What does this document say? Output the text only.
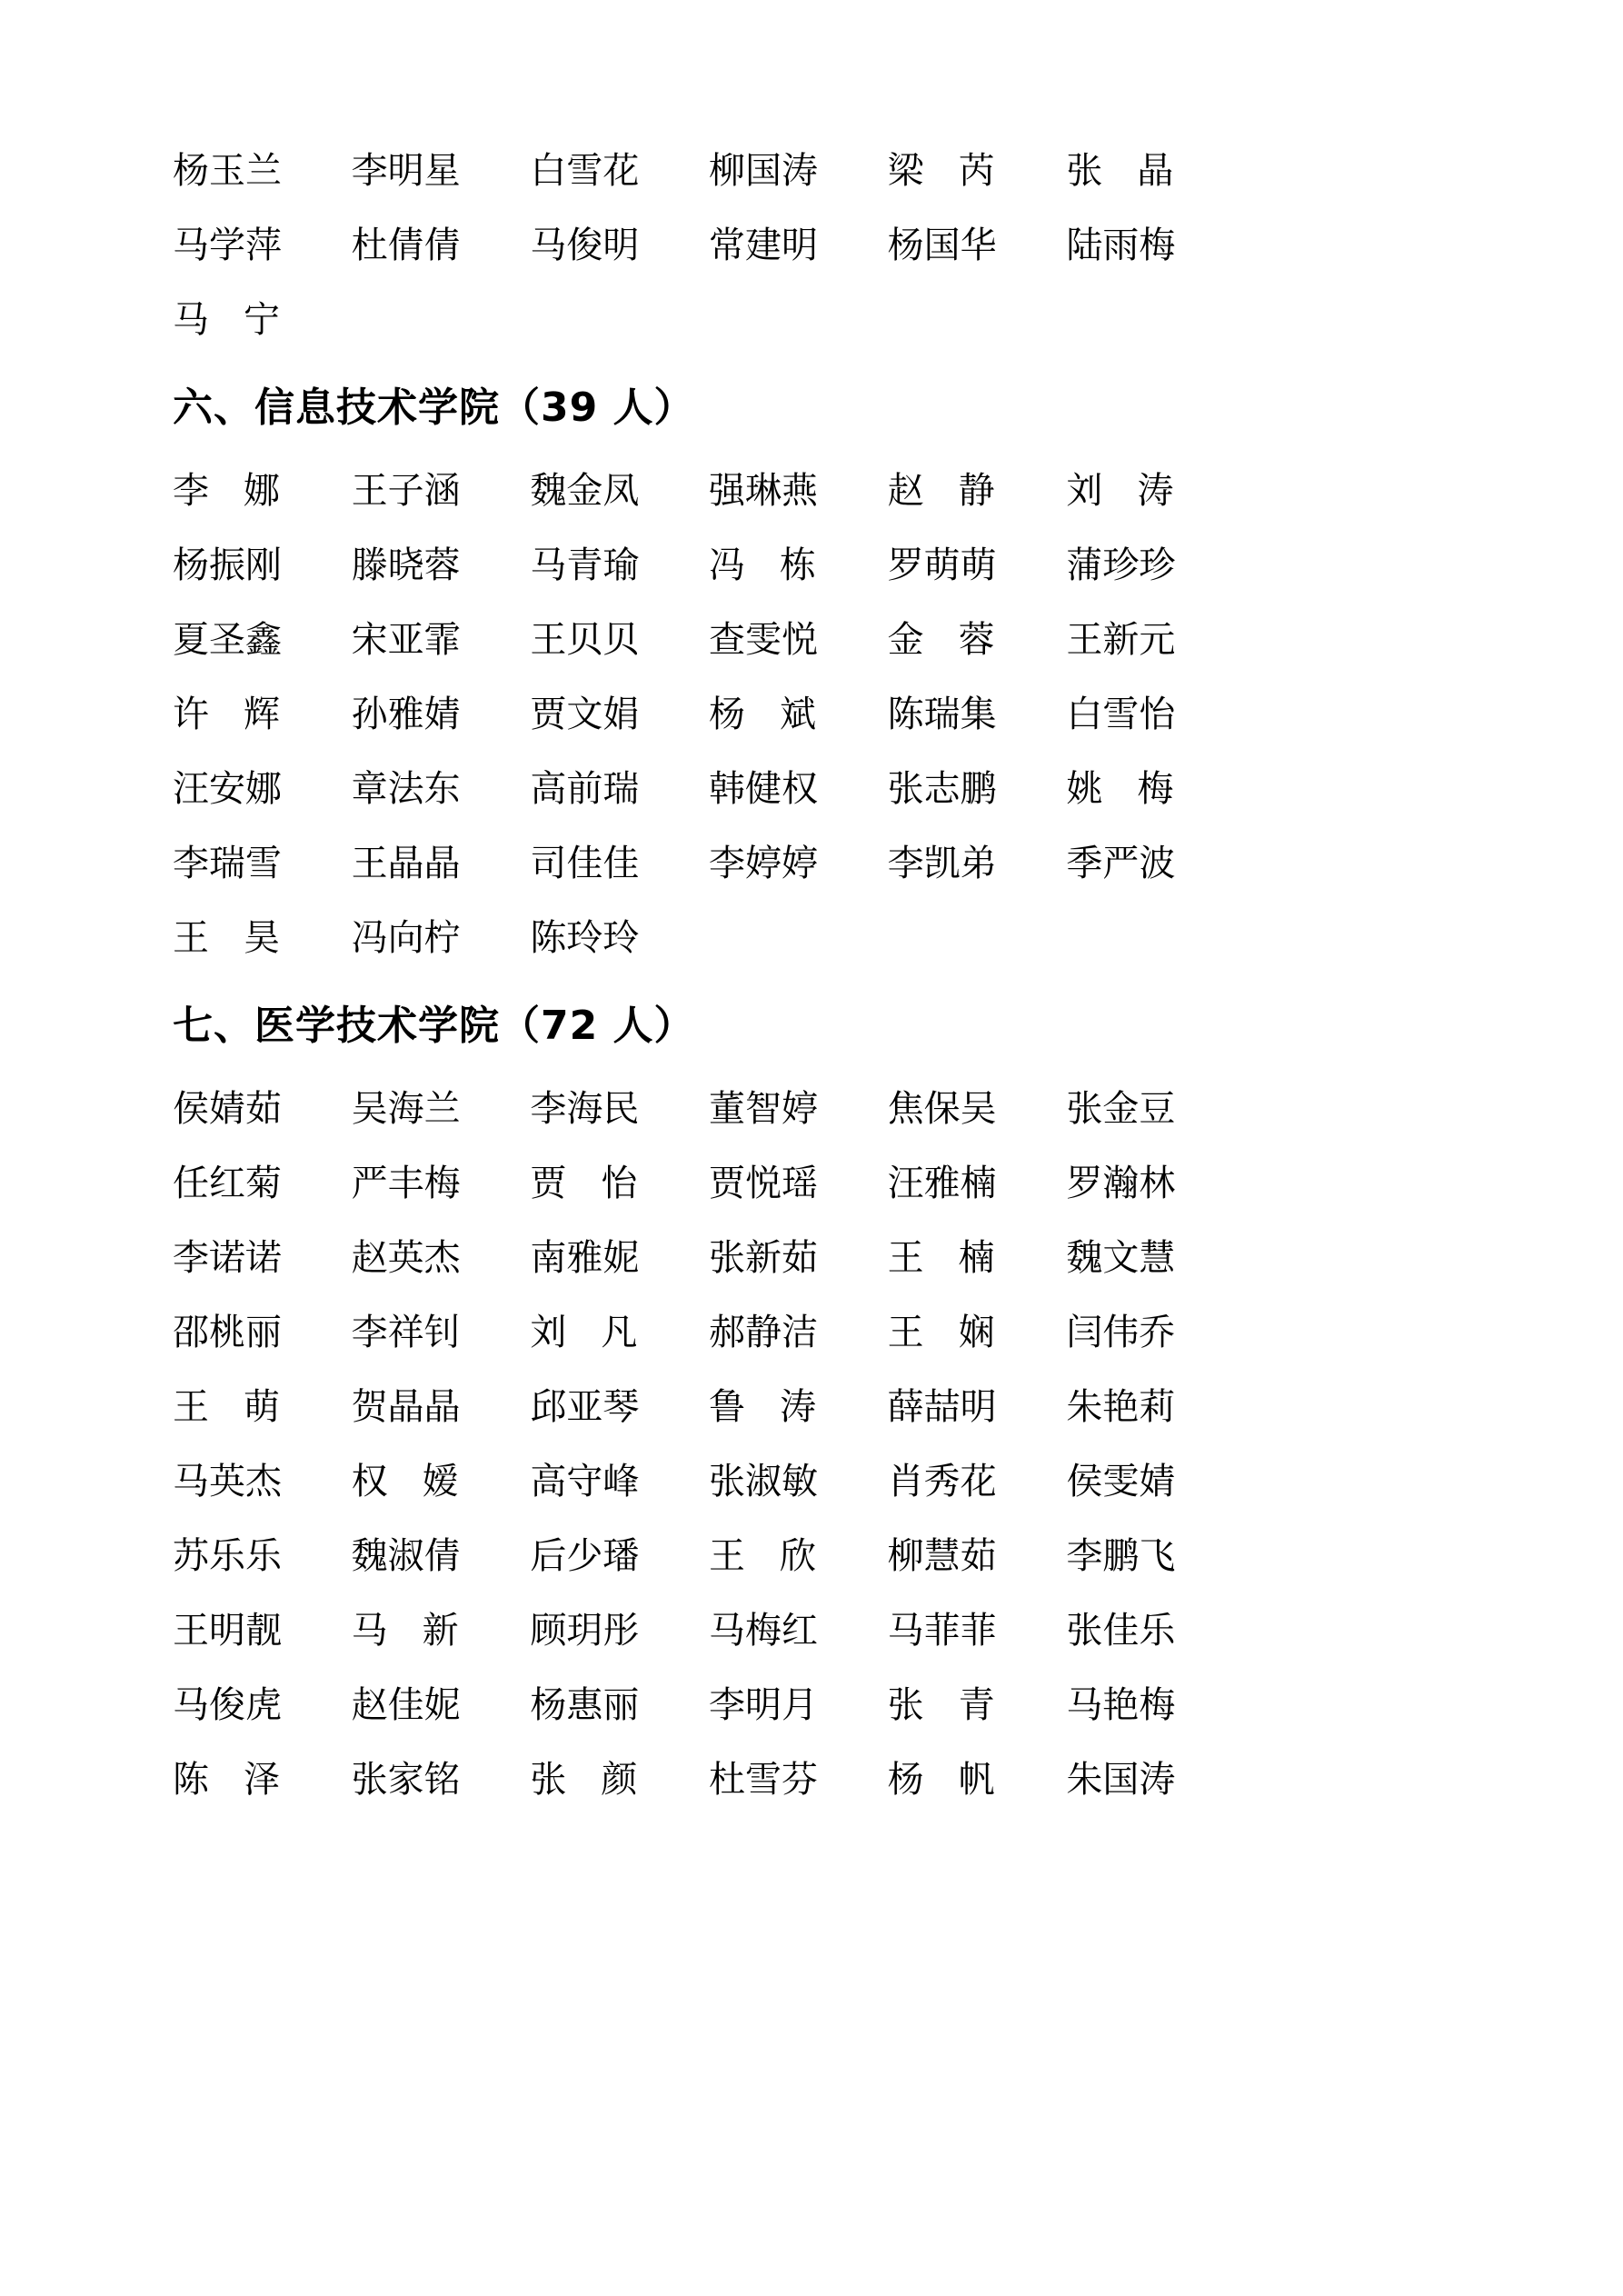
杨玉兰 李明星 白雪花 柳国涛 梁 芮 张 晶
马学萍 杜倩倩 马俊明 常建明 杨国华 陆雨梅
马 宁
六、信息技术学院（39 人）
李 娜 王子涵 魏金凤 强琳燕 赵 静 刘 涛
杨振刚 滕晓蓉 马青瑜 冯 栋 罗萌萌 蒲珍珍
夏圣鑫 宋亚霏 王贝贝 查雯悦 金 蓉 王新元
许 辉 孙雅婧 贾文娟 杨 斌 陈瑞集 白雪怡
汪安娜 章法东 高前瑞 韩健权 张志鹏 姚 梅
李瑞雪 王晶晶 司佳佳 李婷婷 李凯弟 季严波
王 昊 冯向柠 陈玲玲
七、医学技术学院（72 人）
侯婧茹 吴海兰 李海民 董智婷 焦保吴 张金豆
任红菊 严丰梅 贾 怡 贾悦瑶 汪雅楠 罗瀚林
李诺诺 赵英杰 南雅妮 张新茹 王 楠 魏文慧
邵桃丽 李祥钊 刘 凡 郝静洁 王 娴 闫伟乔
王 萌 贺晶晶 邱亚琴 鲁 涛 薛喆明 朱艳莉
马英杰 权 嫒 高守峰 张淑敏 肖秀花 侯雯婧
苏乐乐 魏淑倩 后少璠 王 欣 柳慧茹 李鹏飞
王明靓 马 新 顾玥彤 马梅红 马菲菲 张佳乐
马俊虎 赵佳妮 杨惠丽 李明月 张 青 马艳梅
陈 泽 张家铭 张 颜 杜雪芬 杨 帆 朱国涛
